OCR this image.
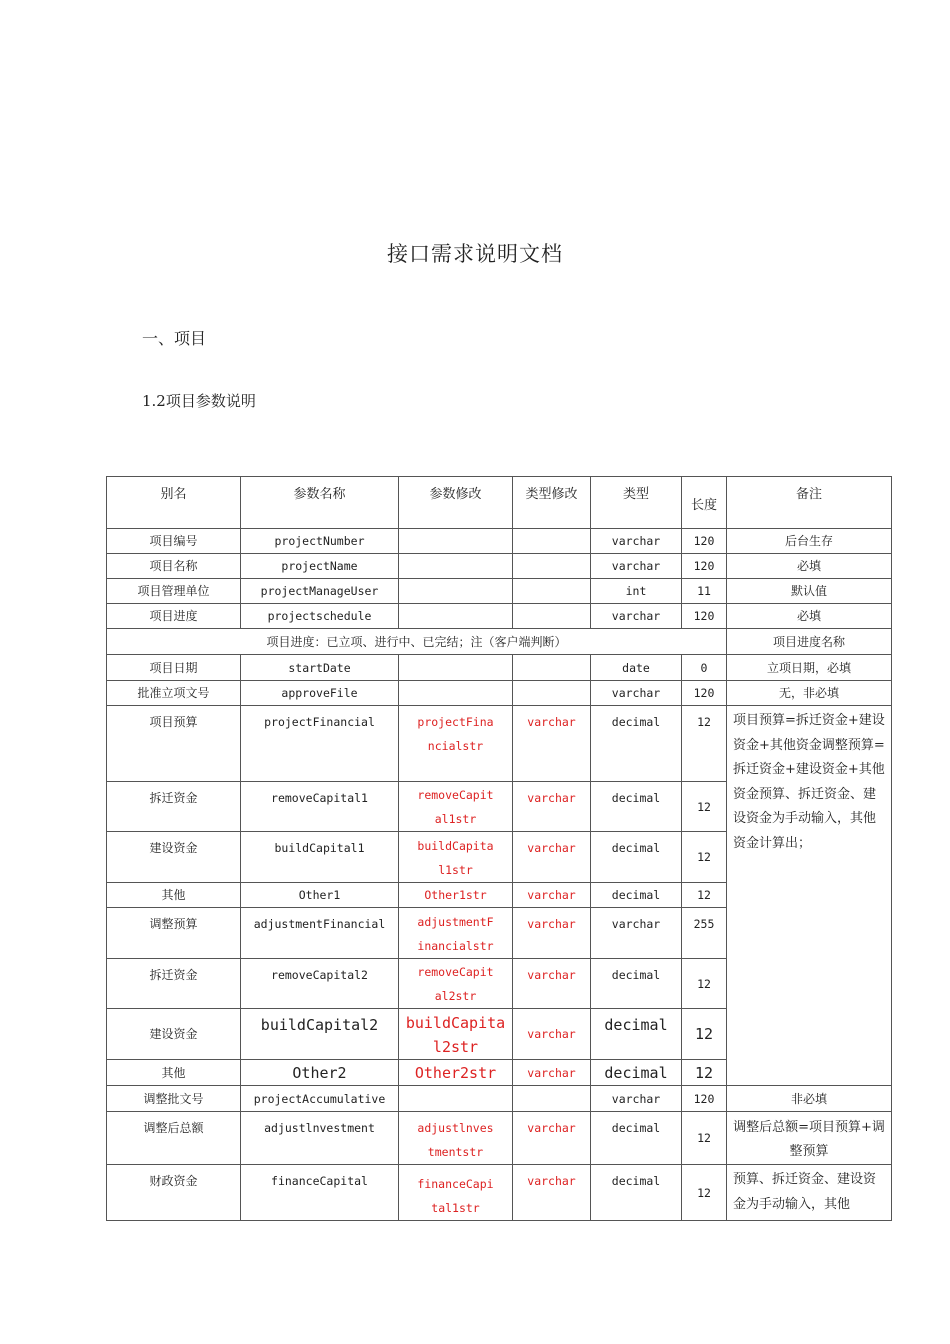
接口需求说明文档
一、项目
1.2项目参数说明
别名	参数名称	参数修改	类型修改	类型	长度	备注
项目编号	projectNumber			varchar	120	后台生存
项目名称	projectName			varchar	120	必填
项目管理单位	projectManageUser			int	11	默认值
项目进度	projectschedule			varchar	120	必填
项目进度：已立项、进行中、已完结；注（客户端判断）						项目进度名称
项目日期	startDate			date	0	立项日期，必填
批准立项文号	approveFile			varchar	120	无，非必填
项目预算	projectFinancial	projectFinancialstr	varchar	decimal	12	项目预算=拆迁资金+建设资金+其他资金调整预算=拆迁资金+建设资金+其他资金预算、拆迁资金、建设资金为手动输入，其他资金计算出；
拆迁资金	removeCapital1	removeCapital1str	varchar	decimal	12	
建设资金	buildCapital1	buildCapital1str	varchar	decimal	12	
其他	Other1	Other1str	varchar	decimal	12	
调整预算	adjustmentFinancial	adjustmentFinancialstr	varchar	varchar	255	
拆迁资金	removeCapital2	removeCapital2str	varchar	decimal	12	
建设资金	buildCapital2	buildCapital2str	varchar	decimal	12	
其他	Other2	Other2str	varchar	decimal	12	
调整批文号	projectAccumulative			varchar	120	非必填
调整后总额	adjustlnvestment	adjustlnvestmentstr	varchar	decimal	12	调整后总额=项目预算+调整预算
财政资金	financeCapital	financeCapital1str	varchar	decimal	12	预算、拆迁资金、建设资金为手动输入，其他
